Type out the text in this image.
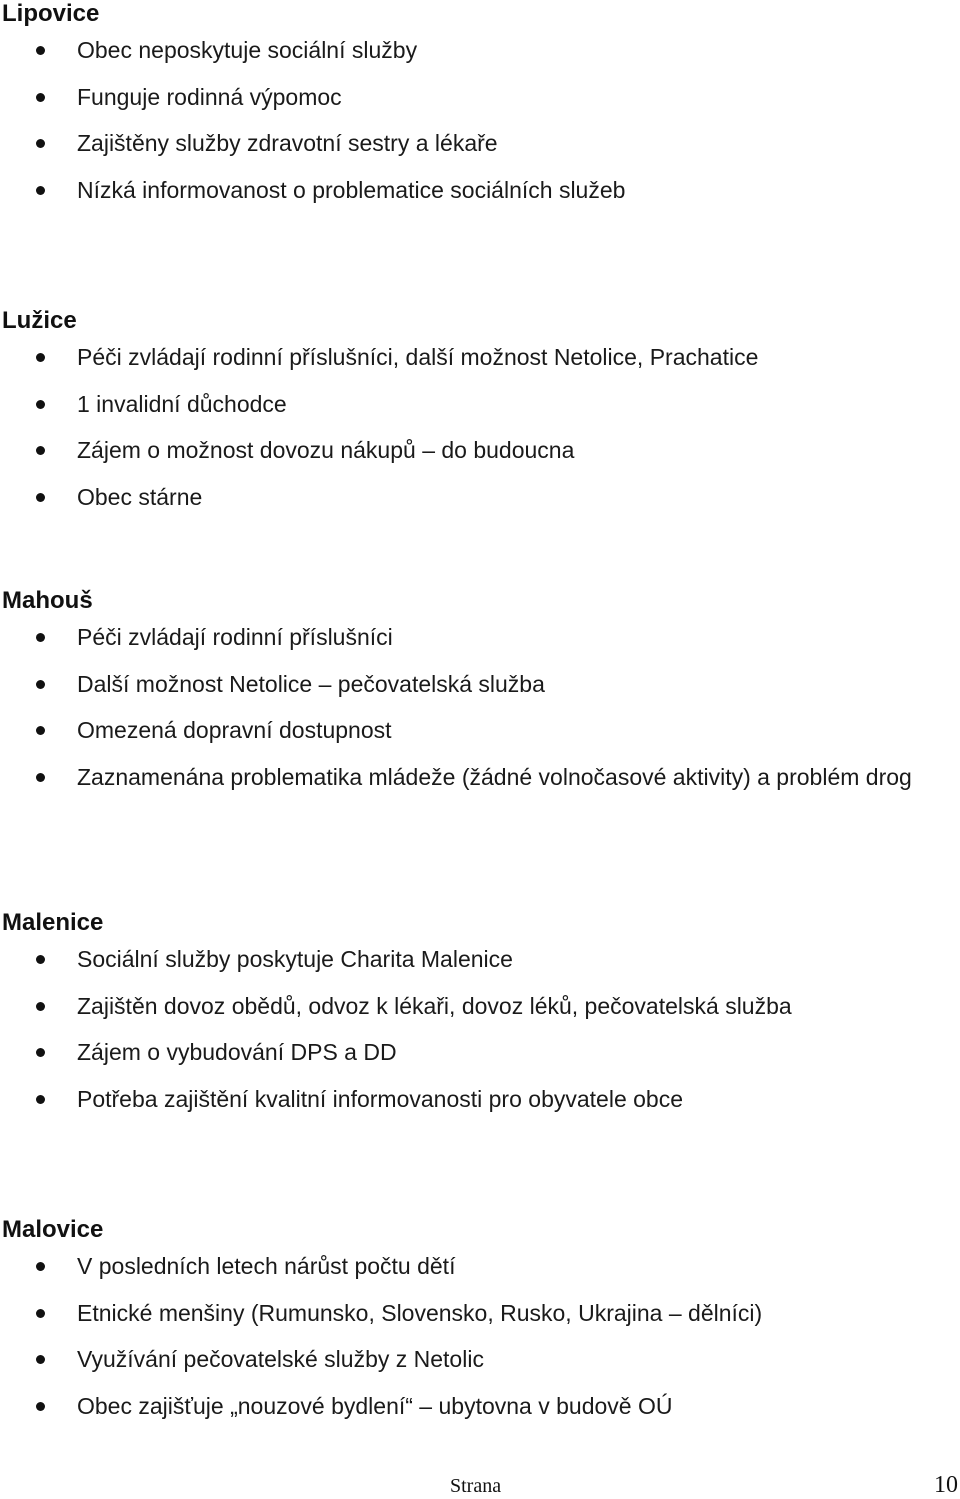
Lipovice
Obec neposkytuje sociální služby
Funguje rodinná výpomoc
Zajištěny služby zdravotní sestry a lékaře
Nízká informovanost o problematice sociálních služeb
Lužice
Péči zvládají rodinní příslušníci, další možnost Netolice, Prachatice
1 invalidní důchodce
Zájem o možnost dovozu nákupů – do budoucna
Obec stárne
Mahouš
Péči zvládají rodinní příslušníci
Další možnost Netolice – pečovatelská služba
Omezená dopravní dostupnost
Zaznamenána problematika mládeže (žádné volnočasové aktivity) a problém drog
Malenice
Sociální služby poskytuje Charita Malenice
Zajištěn dovoz obědů, odvoz k lékaři, dovoz léků, pečovatelská služba
Zájem o vybudování DPS a DD
Potřeba zajištění kvalitní informovanosti pro obyvatele obce
Malovice
V posledních letech nárůst počtu dětí
Etnické menšiny (Rumunsko, Slovensko, Rusko, Ukrajina – dělníci)
Využívání pečovatelské služby z Netolic
Obec zajišťuje „nouzové bydlení“ – ubytovna v budově OÚ
Strana	10
